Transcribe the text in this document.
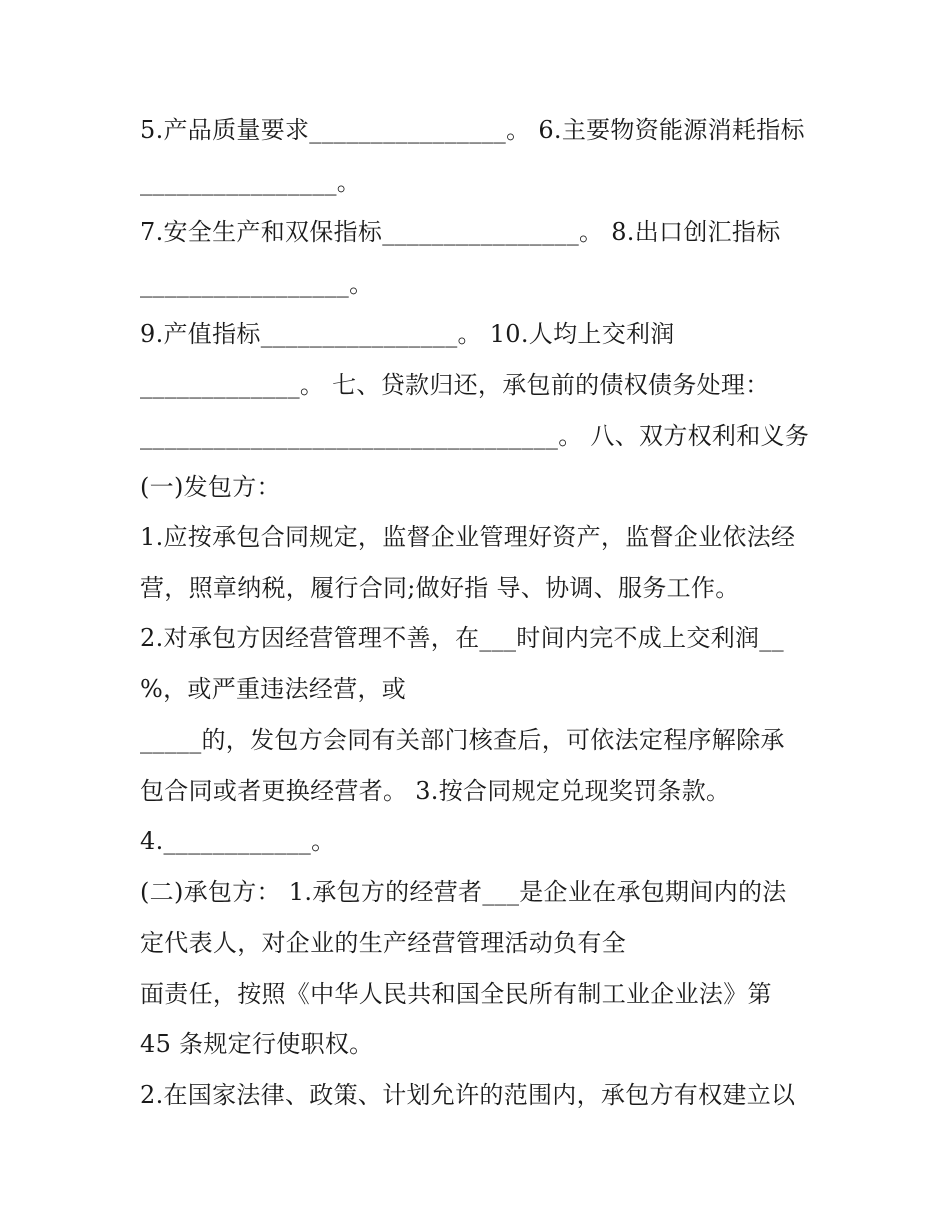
5.产品质量要求________________。 6.主要物资能源消耗指标
________________。
7.安全生产和双保指标________________。 8.出口创汇指标
_________________。
9.产值指标________________。 10.人均上交利润
_____________。 七、贷款归还，承包前的债权债务处理：
__________________________________。 八、双方权利和义务
(一)发包方：
1.应按承包合同规定，监督企业管理好资产，监督企业依法经
营，照章纳税，履行合同;做好指 导、协调、服务工作。
2.对承包方因经营管理不善，在___时间内完不成上交利润__
%，或严重违法经营，或
_____的，发包方会同有关部门核查后，可依法定程序解除承
包合同或者更换经营者。 3.按合同规定兑现奖罚条款。
4.____________。
(二)承包方： 1.承包方的经营者___是企业在承包期间内的法
定代表人，对企业的生产经营管理活动负有全
面责任，按照《中华人民共和国全民所有制工业企业法》第
45 条规定行使职权。
2.在国家法律、政策、计划允许的范围内，承包方有权建立以
